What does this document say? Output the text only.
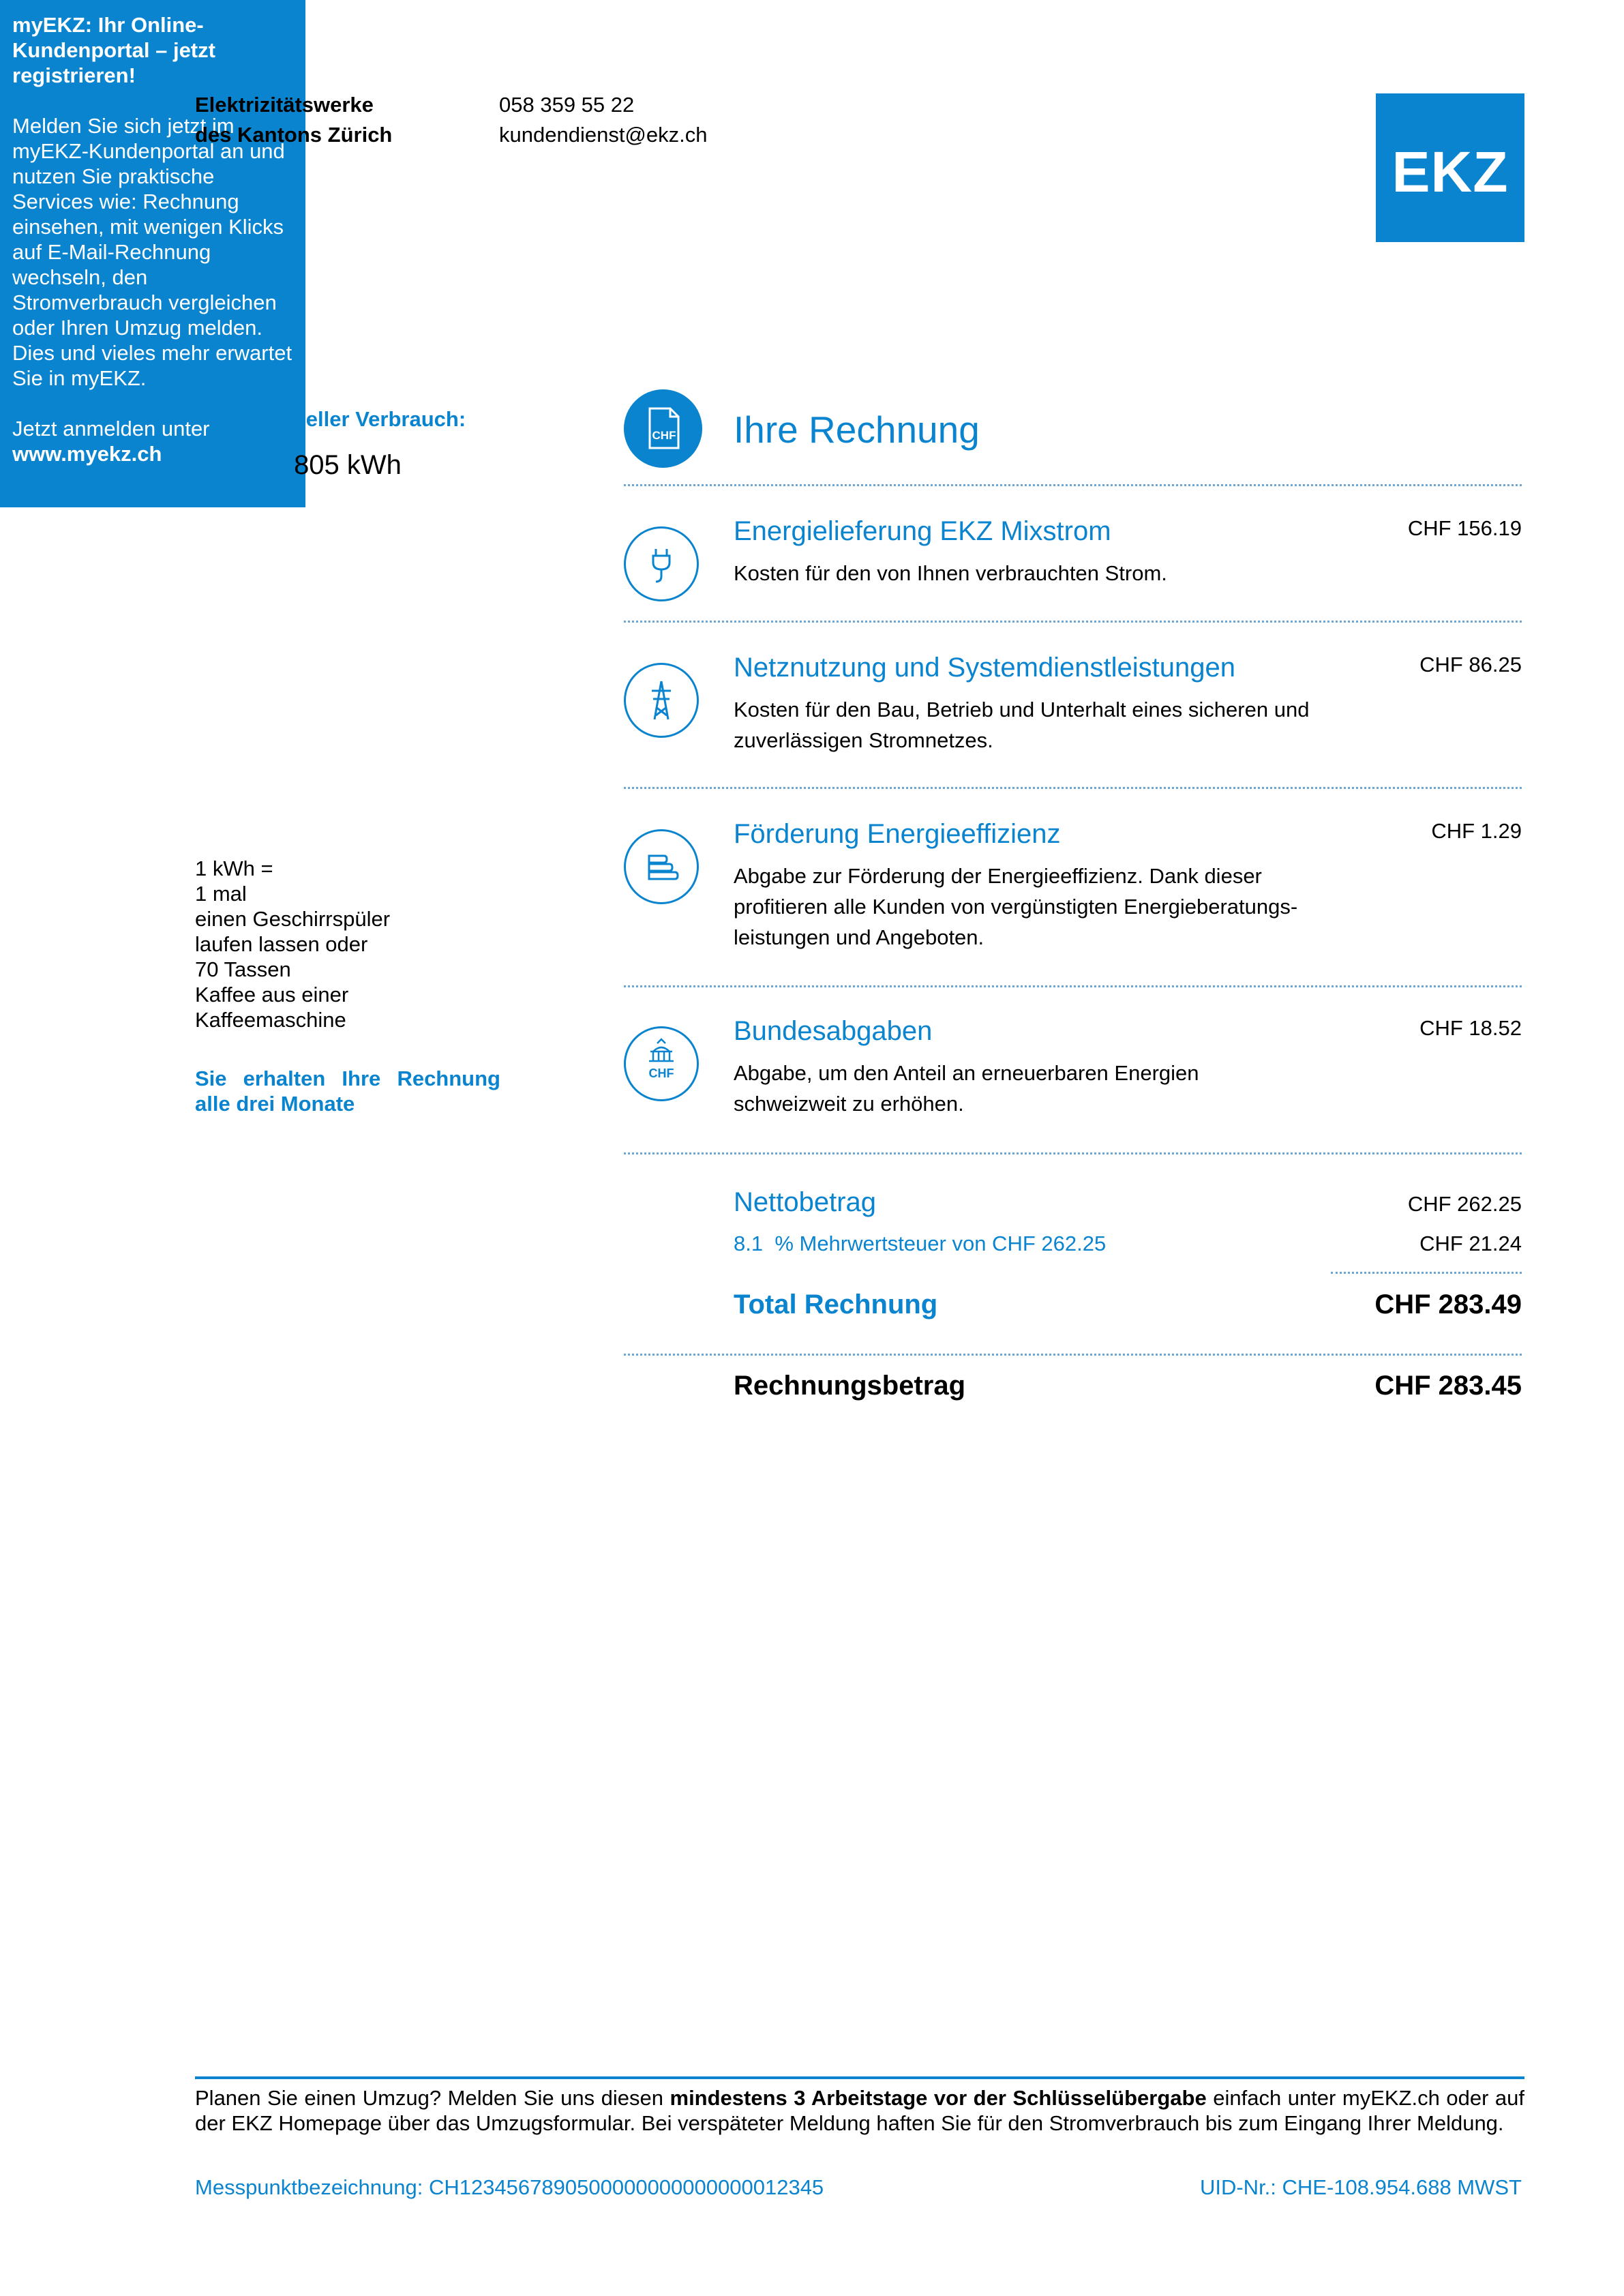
Elektrizitätswerke
des Kantons Zürich
058 359 55 22
kundendienst@ekz.ch
EKZ
Ihr aktueller Verbrauch:
805 kWh
1 kWh =
1 mal
einen Geschirrspüler
laufen lassen oder
70 Tassen
Kaffee aus einer
Kaffeemaschine
Sie erhalten Ihre Rechnung
alle drei Monate

myEKZ: Ihr Online-Kundenportal – jetzt registrieren!

Melden Sie sich jetzt im myEKZ-Kundenportal an und nutzen Sie praktische Services wie: Rechnung einsehen, mit wenigen Klicks auf E-Mail-Rechnung wechseln, den Stromverbrauch vergleichen oder Ihren Umzug melden. Dies und vieles mehr erwartet Sie in myEKZ.

Jetzt anmelden unter
www.myekz.ch
CHF Ihre Rechnung
Energielieferung EKZ Mixstrom
Kosten für den von Ihnen verbrauchten Strom.
CHF 156.19
Netznutzung und Systemdienstleistungen
Kosten für den Bau, Betrieb und Unterhalt eines sicheren und zuverlässigen Stromnetzes.
CHF 86.25
Förderung Energieeffizienz
Abgabe zur Förderung der Energieeffizienz. Dank dieser profitieren alle Kunden von vergünstigten Energieberatungs-leistungen und Angeboten.
CHF 1.29
CHF
Bundesabgaben
Abgabe, um den Anteil an erneuerbaren Energien schweizweit zu erhöhen.
CHF 18.52
Nettobetrag	CHF 262.25
8.1  % Mehrwertsteuer von CHF 262.25	CHF 21.24
Total Rechnung	CHF 283.49
Rechnungsbetrag	CHF 283.45
Planen Sie einen Umzug? Melden Sie uns diesen mindestens 3 Arbeitstage vor der Schlüsselübergabe einfach unter myEKZ.ch oder auf der EKZ Homepage über das Umzugsformular. Bei verspäteter Meldung haften Sie für den Stromverbrauch bis zum Eingang Ihrer Meldung.
Messpunktbezeichnung: CH1234567890500000000000000012345	UID-Nr.: CHE-108.954.688 MWST
